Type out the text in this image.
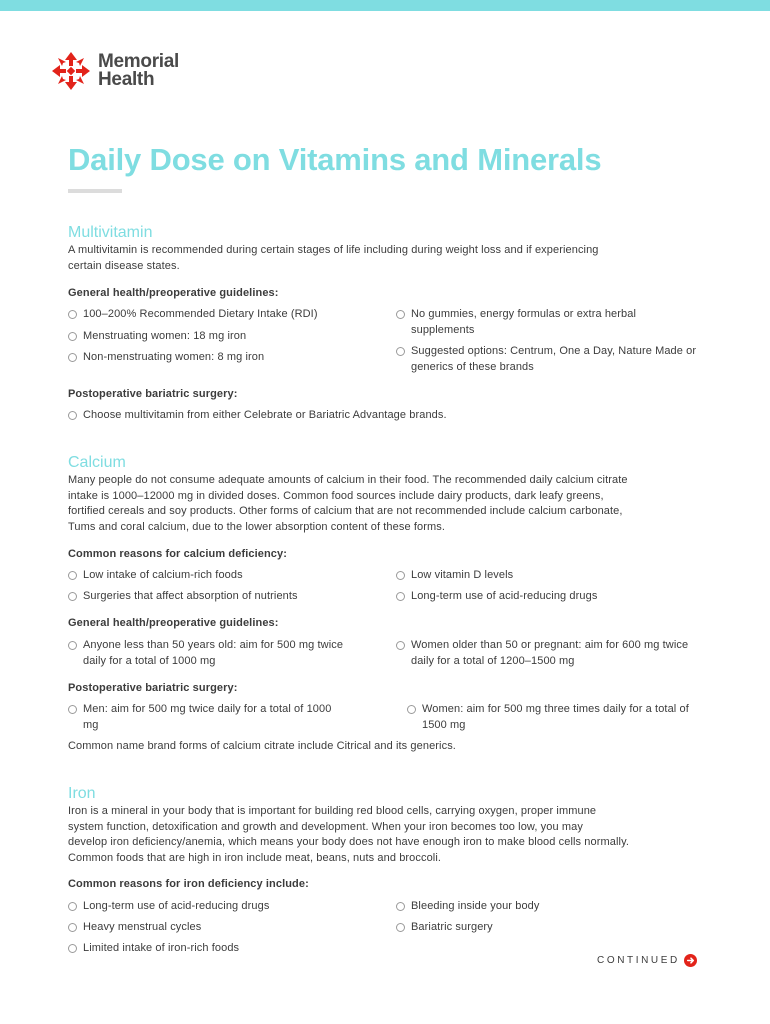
Memorial
Health
Daily Dose on Vitamins and Minerals
Multivitamin
A multivitamin is recommended during certain stages of life including during weight loss and if experiencing
certain disease states.
General health/preoperative guidelines:
100–200% Recommended Dietary Intake (RDI)
Menstruating women: 18 mg iron
Non-menstruating women: 8 mg iron
No gummies, energy formulas or extra herbal supplements
Suggested options: Centrum, One a Day, Nature Made or generics of these brands
Postoperative bariatric surgery:
Choose multivitamin from either Celebrate or Bariatric Advantage brands.
Calcium
Many people do not consume adequate amounts of calcium in their food. The recommended daily calcium citrate
intake is 1000–12000 mg in divided doses. Common food sources include dairy products, dark leafy greens,
fortified cereals and soy products. Other forms of calcium that are not recommended include calcium carbonate,
Tums and coral calcium, due to the lower absorption content of these forms.
Common reasons for calcium deficiency:
Low intake of calcium-rich foods
Surgeries that affect absorption of nutrients
Low vitamin D levels
Long-term use of acid-reducing drugs
General health/preoperative guidelines:
Anyone less than 50 years old: aim for 500 mg twice daily for a total of 1000 mg
Women older than 50 or pregnant: aim for 600 mg twice daily for a total of 1200–1500 mg
Postoperative bariatric surgery:
Men: aim for 500 mg twice daily for a total of 1000 mg
Women: aim for 500 mg three times daily for a total of 1500 mg
Common name brand forms of calcium citrate include Citrical and its generics.
Iron
Iron is a mineral in your body that is important for building red blood cells, carrying oxygen, proper immune
system function, detoxification and growth and development. When your iron becomes too low, you may
develop iron deficiency/anemia, which means your body does not have enough iron to make blood cells normally.
Common foods that are high in iron include meat, beans, nuts and broccoli.
Common reasons for iron deficiency include:
Long-term use of acid-reducing drugs
Heavy menstrual cycles
Limited intake of iron-rich foods
Bleeding inside your body
Bariatric surgery
CONTINUED
